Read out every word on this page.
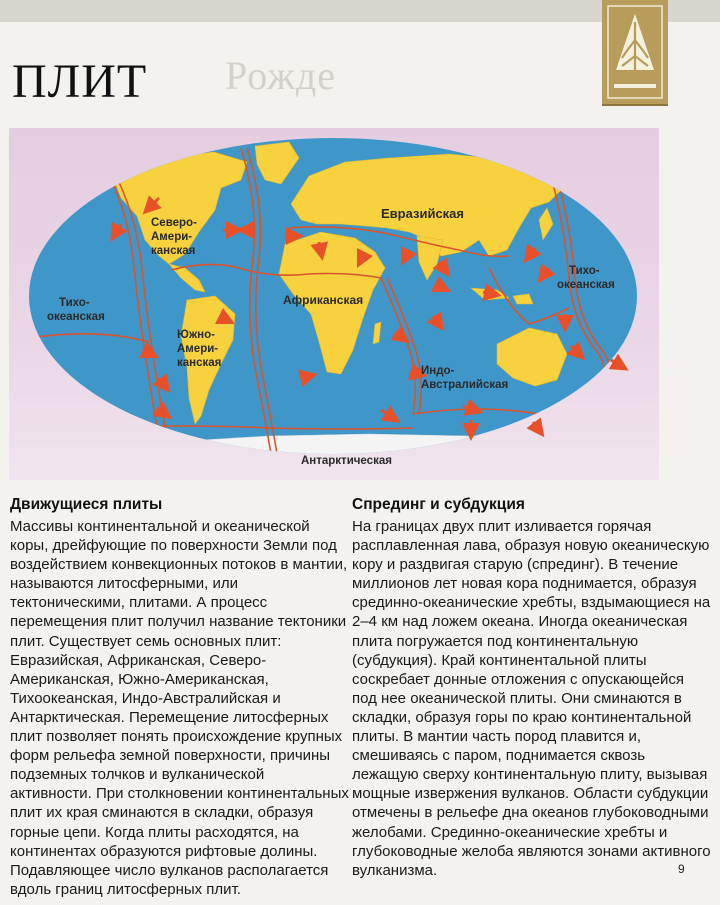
Рожде
ПЛИТ
Северо-
Амери-
канская
Евразийская
Тихо-
океанская
Тихо-
океанская
Африканская
Южно-
Амери-
канская
Индо-
Австралийская
Антарктическая
Движущиеся плиты

Массивы континентальной и океанической коры, дрейфующие по поверхности Земли под воздействием конвекционных потоков в мантии, называются литосферными, или тектоническими, плитами. А процесс перемещения плит получил название тектоники плит. Существует семь основных плит: Евразийская, Африканская, Северо-Американская, Южно-Американская, Тихоокеанская, Индо-Австралийская и Антарктическая. Перемещение литосферных плит позволяет понять происхождение крупных форм рельефа земной поверхности, причины подземных толчков и вулканической активности. При столкновении континентальных плит их края сминаются в складки, образуя горные цепи. Когда плиты расходятся, на континентах образуются рифтовые долины. Подавляющее число вулканов располагается вдоль границ литосферных плит.

Спрединг и субдукция

На границах двух плит изливается горячая расплавленная лава, образуя новую океаническую кору и раздвигая старую (спрединг). В течение миллионов лет новая кора поднимается, образуя срединно-океанические хребты, вздымающиеся на 2–4 км над ложем океана. Иногда океаническая плита погружается под континентальную (субдукция). Край континентальной плиты соскребает донные отложения с опускающейся под нее океанической плиты. Они сминаются в складки, образуя горы по краю континентальной плиты. В мантии часть пород плавится и, смешиваясь с паром, поднимается сквозь лежащую сверху континентальную плиту, вызывая мощные извержения вулканов. Области субдукции отмечены в рельефе дна океанов глубоководными желобами. Срединно-океанические хребты и глубоководные желоба являются зонами активного вулканизма.	9
